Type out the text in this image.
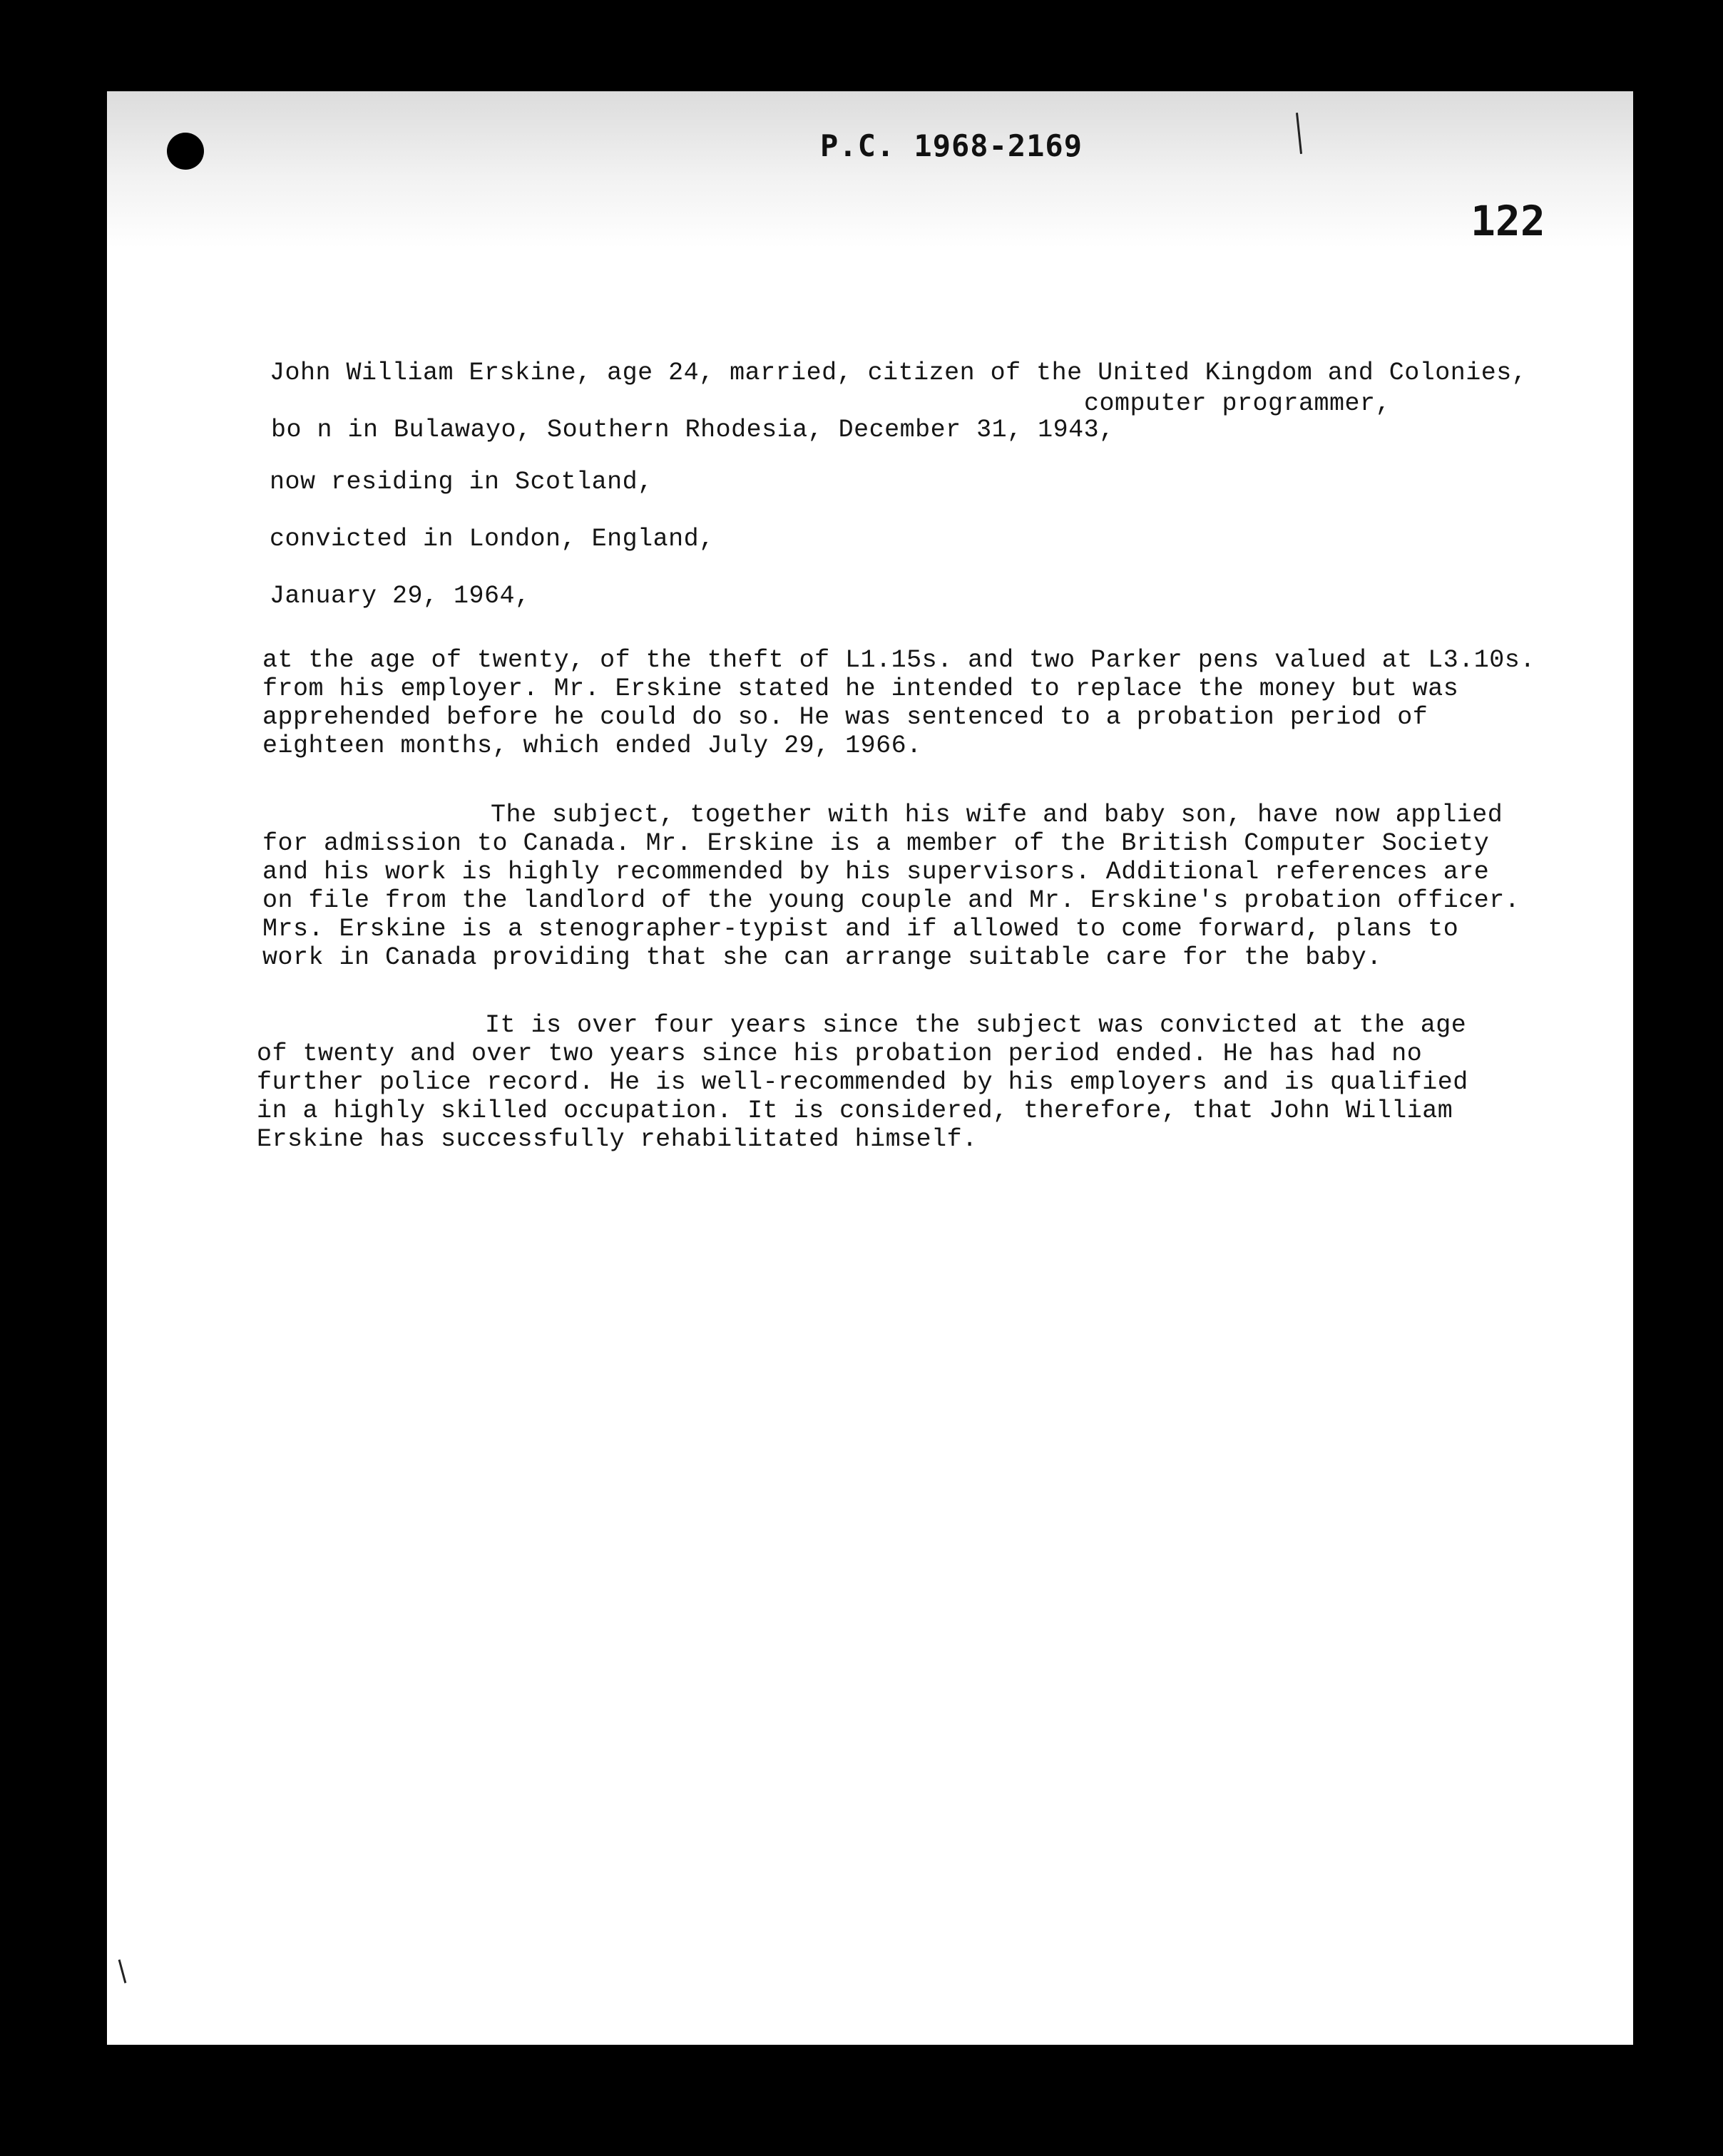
P.C. 1968-2169
122
John William Erskine, age 24, married, citizen of the United Kingdom and Colonies,
computer programmer,
bo n in Bulawayo, Southern Rhodesia, December 31, 1943,
now residing in Scotland,
convicted in London, England,
January 29, 1964,
at the age of twenty, of the theft of L1.15s. and two Parker pens valued at L3.10s.
from his employer. Mr. Erskine stated he intended to replace the money but was
apprehended before he could do so. He was sentenced to a probation period of
eighteen months, which ended July 29, 1966.
The subject, together with his wife and baby son, have now applied
for admission to Canada. Mr. Erskine is a member of the British Computer Society
and his work is highly recommended by his supervisors. Additional references are
on file from the landlord of the young couple and Mr. Erskine's probation officer.
Mrs. Erskine is a stenographer-typist and if allowed to come forward, plans to
work in Canada providing that she can arrange suitable care for the baby.
It is over four years since the subject was convicted at the age
of twenty and over two years since his probation period ended. He has had no
further police record. He is well-recommended by his employers and is qualified
in a highly skilled occupation. It is considered, therefore, that John William
Erskine has successfully rehabilitated himself.
